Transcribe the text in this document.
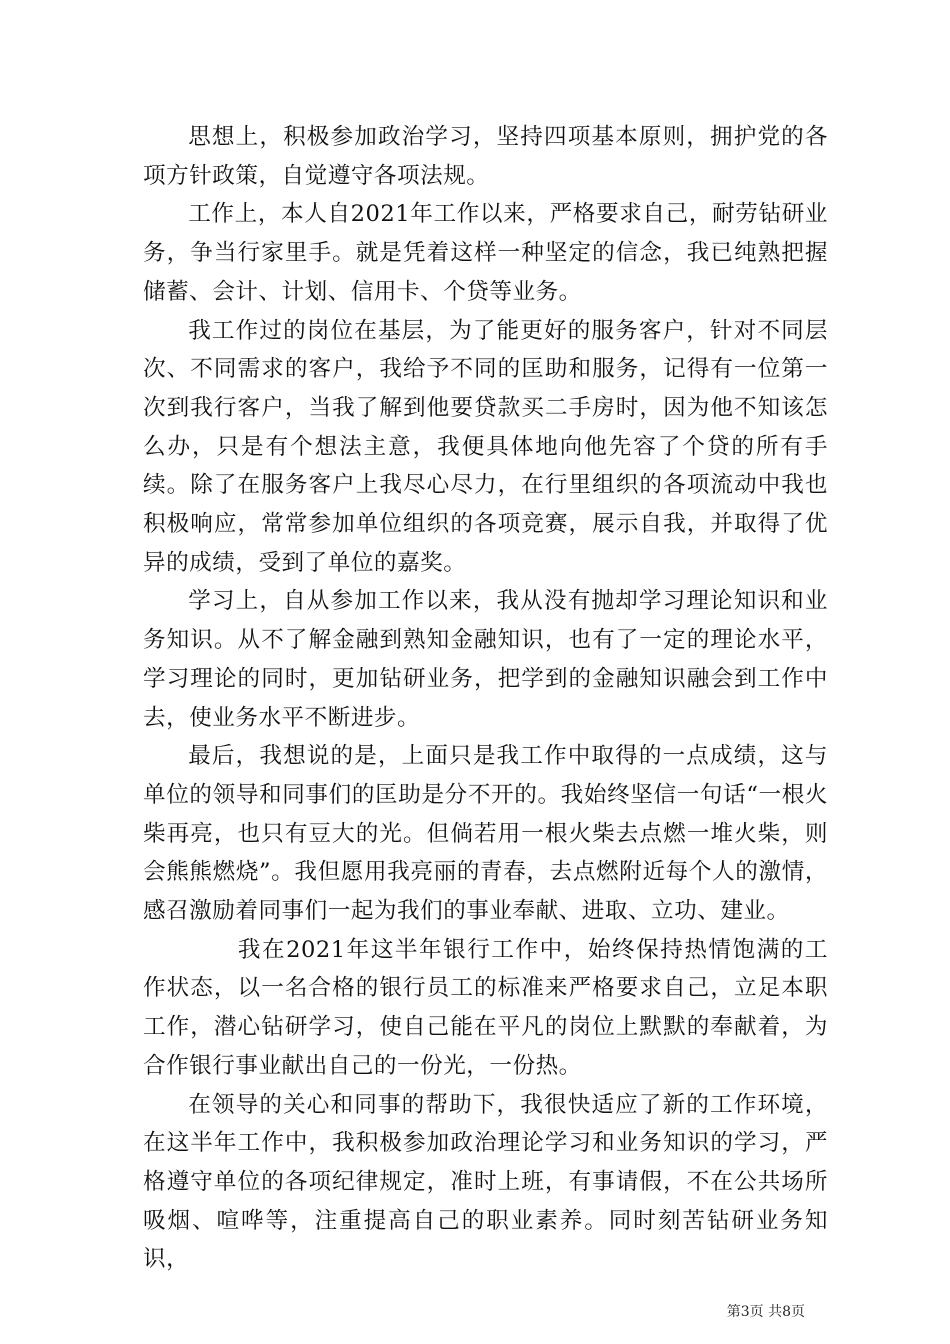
思想上，积极参加政治学习，坚持四项基本原则，拥护党的各项方针政策，自觉遵守各项法规。

工作上，本人自2021年工作以来，严格要求自己，耐劳钻研业务，争当行家里手。就是凭着这样一种坚定的信念，我已纯熟把握储蓄、会计、计划、信用卡、个贷等业务。

我工作过的岗位在基层，为了能更好的服务客户，针对不同层次、不同需求的客户，我给予不同的匡助和服务，记得有一位第一次到我行客户，当我了解到他要贷款买二手房时，因为他不知该怎么办，只是有个想法主意，我便具体地向他先容了个贷的所有手续。除了在服务客户上我尽心尽力，在行里组织的各项流动中我也积极响应，常常参加单位组织的各项竞赛，展示自我，并取得了优异的成绩，受到了单位的嘉奖。

学习上，自从参加工作以来，我从没有抛却学习理论知识和业务知识。从不了解金融到熟知金融知识，也有了一定的理论水平，学习理论的同时，更加钻研业务，把学到的金融知识融会到工作中去，使业务水平不断进步。

最后，我想说的是，上面只是我工作中取得的一点成绩，这与单位的领导和同事们的匡助是分不开的。我始终坚信一句话“一根火柴再亮，也只有豆大的光。但倘若用一根火柴去点燃一堆火柴，则会熊熊燃烧”。我但愿用我亮丽的青春，去点燃附近每个人的激情，感召激励着同事们一起为我们的事业奉献、进取、立功、建业。

我在2021年这半年银行工作中，始终保持热情饱满的工作状态，以一名合格的银行员工的标准来严格要求自己，立足本职工作，潜心钻研学习，使自己能在平凡的岗位上默默的奉献着，为合作银行事业献出自己的一份光，一份热。

在领导的关心和同事的帮助下，我很快适应了新的工作环境，在这半年工作中，我积极参加政治理论学习和业务知识的学习，严格遵守单位的各项纪律规定，准时上班，有事请假，不在公共场所吸烟、喧哗等，注重提高自己的职业素养。同时刻苦钻研业务知识，

第3页 共8页
